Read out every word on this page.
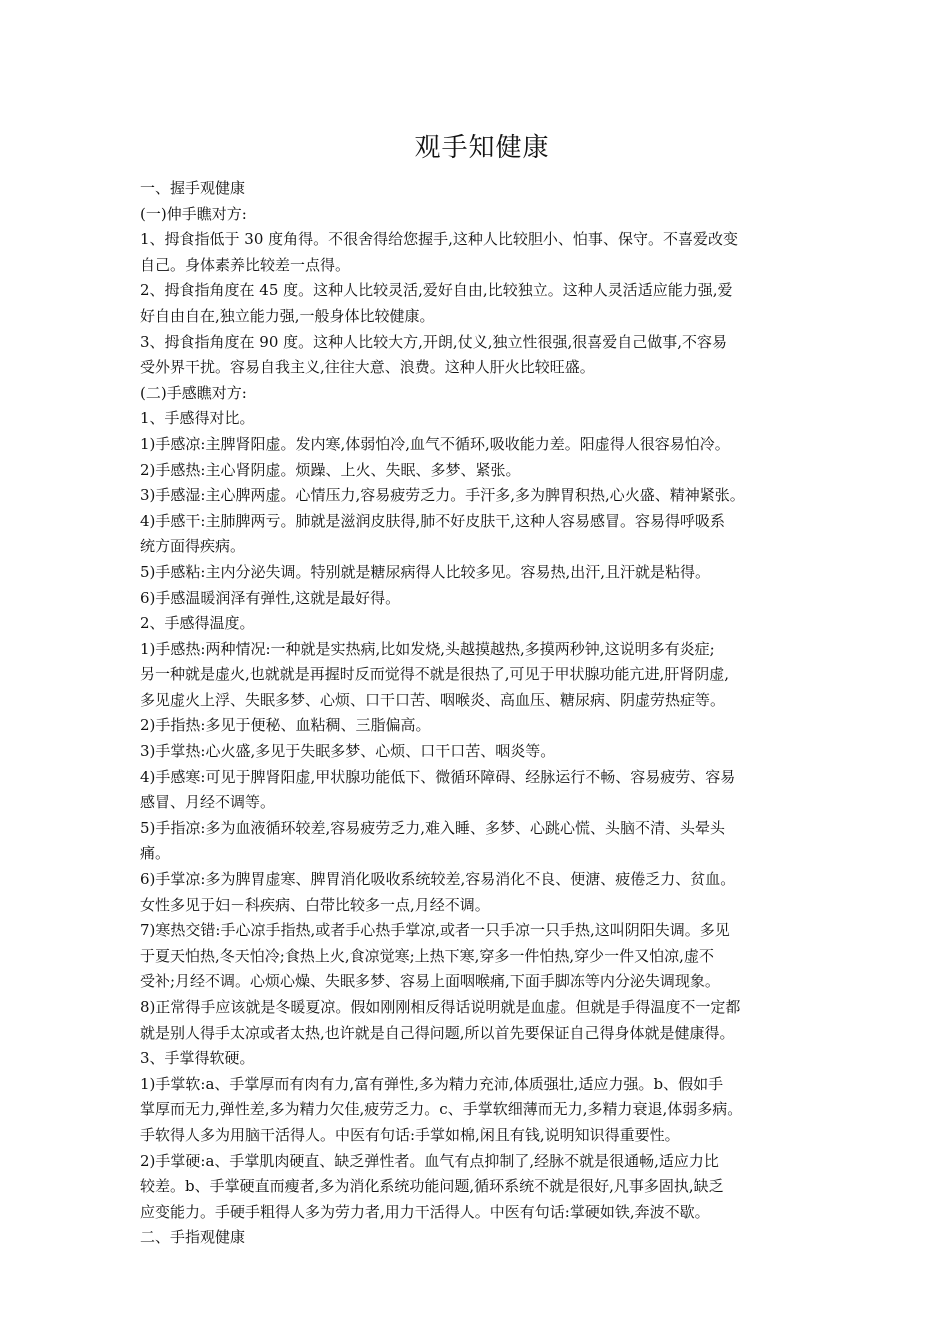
观手知健康
一、握手观健康
(一)伸手瞧对方:
1、拇食指低于 30 度角得。不很舍得给您握手,这种人比较胆小、怕事、保守。不喜爱改变
自己。身体素养比较差一点得。
2、拇食指角度在 45 度。这种人比较灵活,爱好自由,比较独立。这种人灵活适应能力强,爱
好自由自在,独立能力强,一般身体比较健康。
3、拇食指角度在 90 度。这种人比较大方,开朗,仗义,独立性很强,很喜爱自己做事,不容易
受外界干扰。容易自我主义,往往大意、浪费。这种人肝火比较旺盛。
(二)手感瞧对方:
1、手感得对比。
1)手感凉:主脾肾阳虚。发内寒,体弱怕冷,血气不循环,吸收能力差。阳虚得人很容易怕冷。
2)手感热:主心肾阴虚。烦躁、上火、失眠、多梦、紧张。
3)手感湿:主心脾两虚。心情压力,容易疲劳乏力。手汗多,多为脾胃积热,心火盛、精神紧张。
4)手感干:主肺脾两亏。肺就是滋润皮肤得,肺不好皮肤干,这种人容易感冒。容易得呼吸系
统方面得疾病。
5)手感粘:主内分泌失调。特别就是糖尿病得人比较多见。容易热,出汗,且汗就是粘得。
6)手感温暖润泽有弹性,这就是最好得。
2、手感得温度。
1)手感热:两种情况:一种就是实热病,比如发烧,头越摸越热,多摸两秒钟,这说明多有炎症;
另一种就是虚火,也就就是再握时反而觉得不就是很热了,可见于甲状腺功能亢进,肝肾阴虚,
多见虚火上浮、失眠多梦、心烦、口干口苦、咽喉炎、高血压、糖尿病、阴虚劳热症等。
2)手指热:多见于便秘、血粘稠、三脂偏高。
3)手掌热:心火盛,多见于失眠多梦、心烦、口干口苦、咽炎等。
4)手感寒:可见于脾肾阳虚,甲状腺功能低下、微循环障碍、经脉运行不畅、容易疲劳、容易
感冒、月经不调等。
5)手指凉:多为血液循环较差,容易疲劳乏力,难入睡、多梦、心跳心慌、头脑不清、头晕头
痛。
6)手掌凉:多为脾胃虚寒、脾胃消化吸收系统较差,容易消化不良、便溏、疲倦乏力、贫血。
女性多见于妇－科疾病、白带比较多一点,月经不调。
7)寒热交错:手心凉手指热,或者手心热手掌凉,或者一只手凉一只手热,这叫阴阳失调。多见
于夏天怕热,冬天怕冷;食热上火,食凉觉寒;上热下寒,穿多一件怕热,穿少一件又怕凉,虚不
受补;月经不调。心烦心燥、失眠多梦、容易上面咽喉痛,下面手脚冻等内分泌失调现象。
8)正常得手应该就是冬暖夏凉。假如刚刚相反得话说明就是血虚。但就是手得温度不一定都
就是别人得手太凉或者太热,也许就是自己得问题,所以首先要保证自己得身体就是健康得。
3、手掌得软硬。
1)手掌软:a、手掌厚而有肉有力,富有弹性,多为精力充沛,体质强壮,适应力强。b、假如手
掌厚而无力,弹性差,多为精力欠佳,疲劳乏力。c、手掌软细薄而无力,多精力衰退,体弱多病。
手软得人多为用脑干活得人。中医有句话:手掌如棉,闲且有钱,说明知识得重要性。
2)手掌硬:a、手掌肌肉硬直、缺乏弹性者。血气有点抑制了,经脉不就是很通畅,适应力比
较差。b、手掌硬直而瘦者,多为消化系统功能问题,循环系统不就是很好,凡事多固执,缺乏
应变能力。手硬手粗得人多为劳力者,用力干活得人。中医有句话:掌硬如铁,奔波不歇。
二、手指观健康
